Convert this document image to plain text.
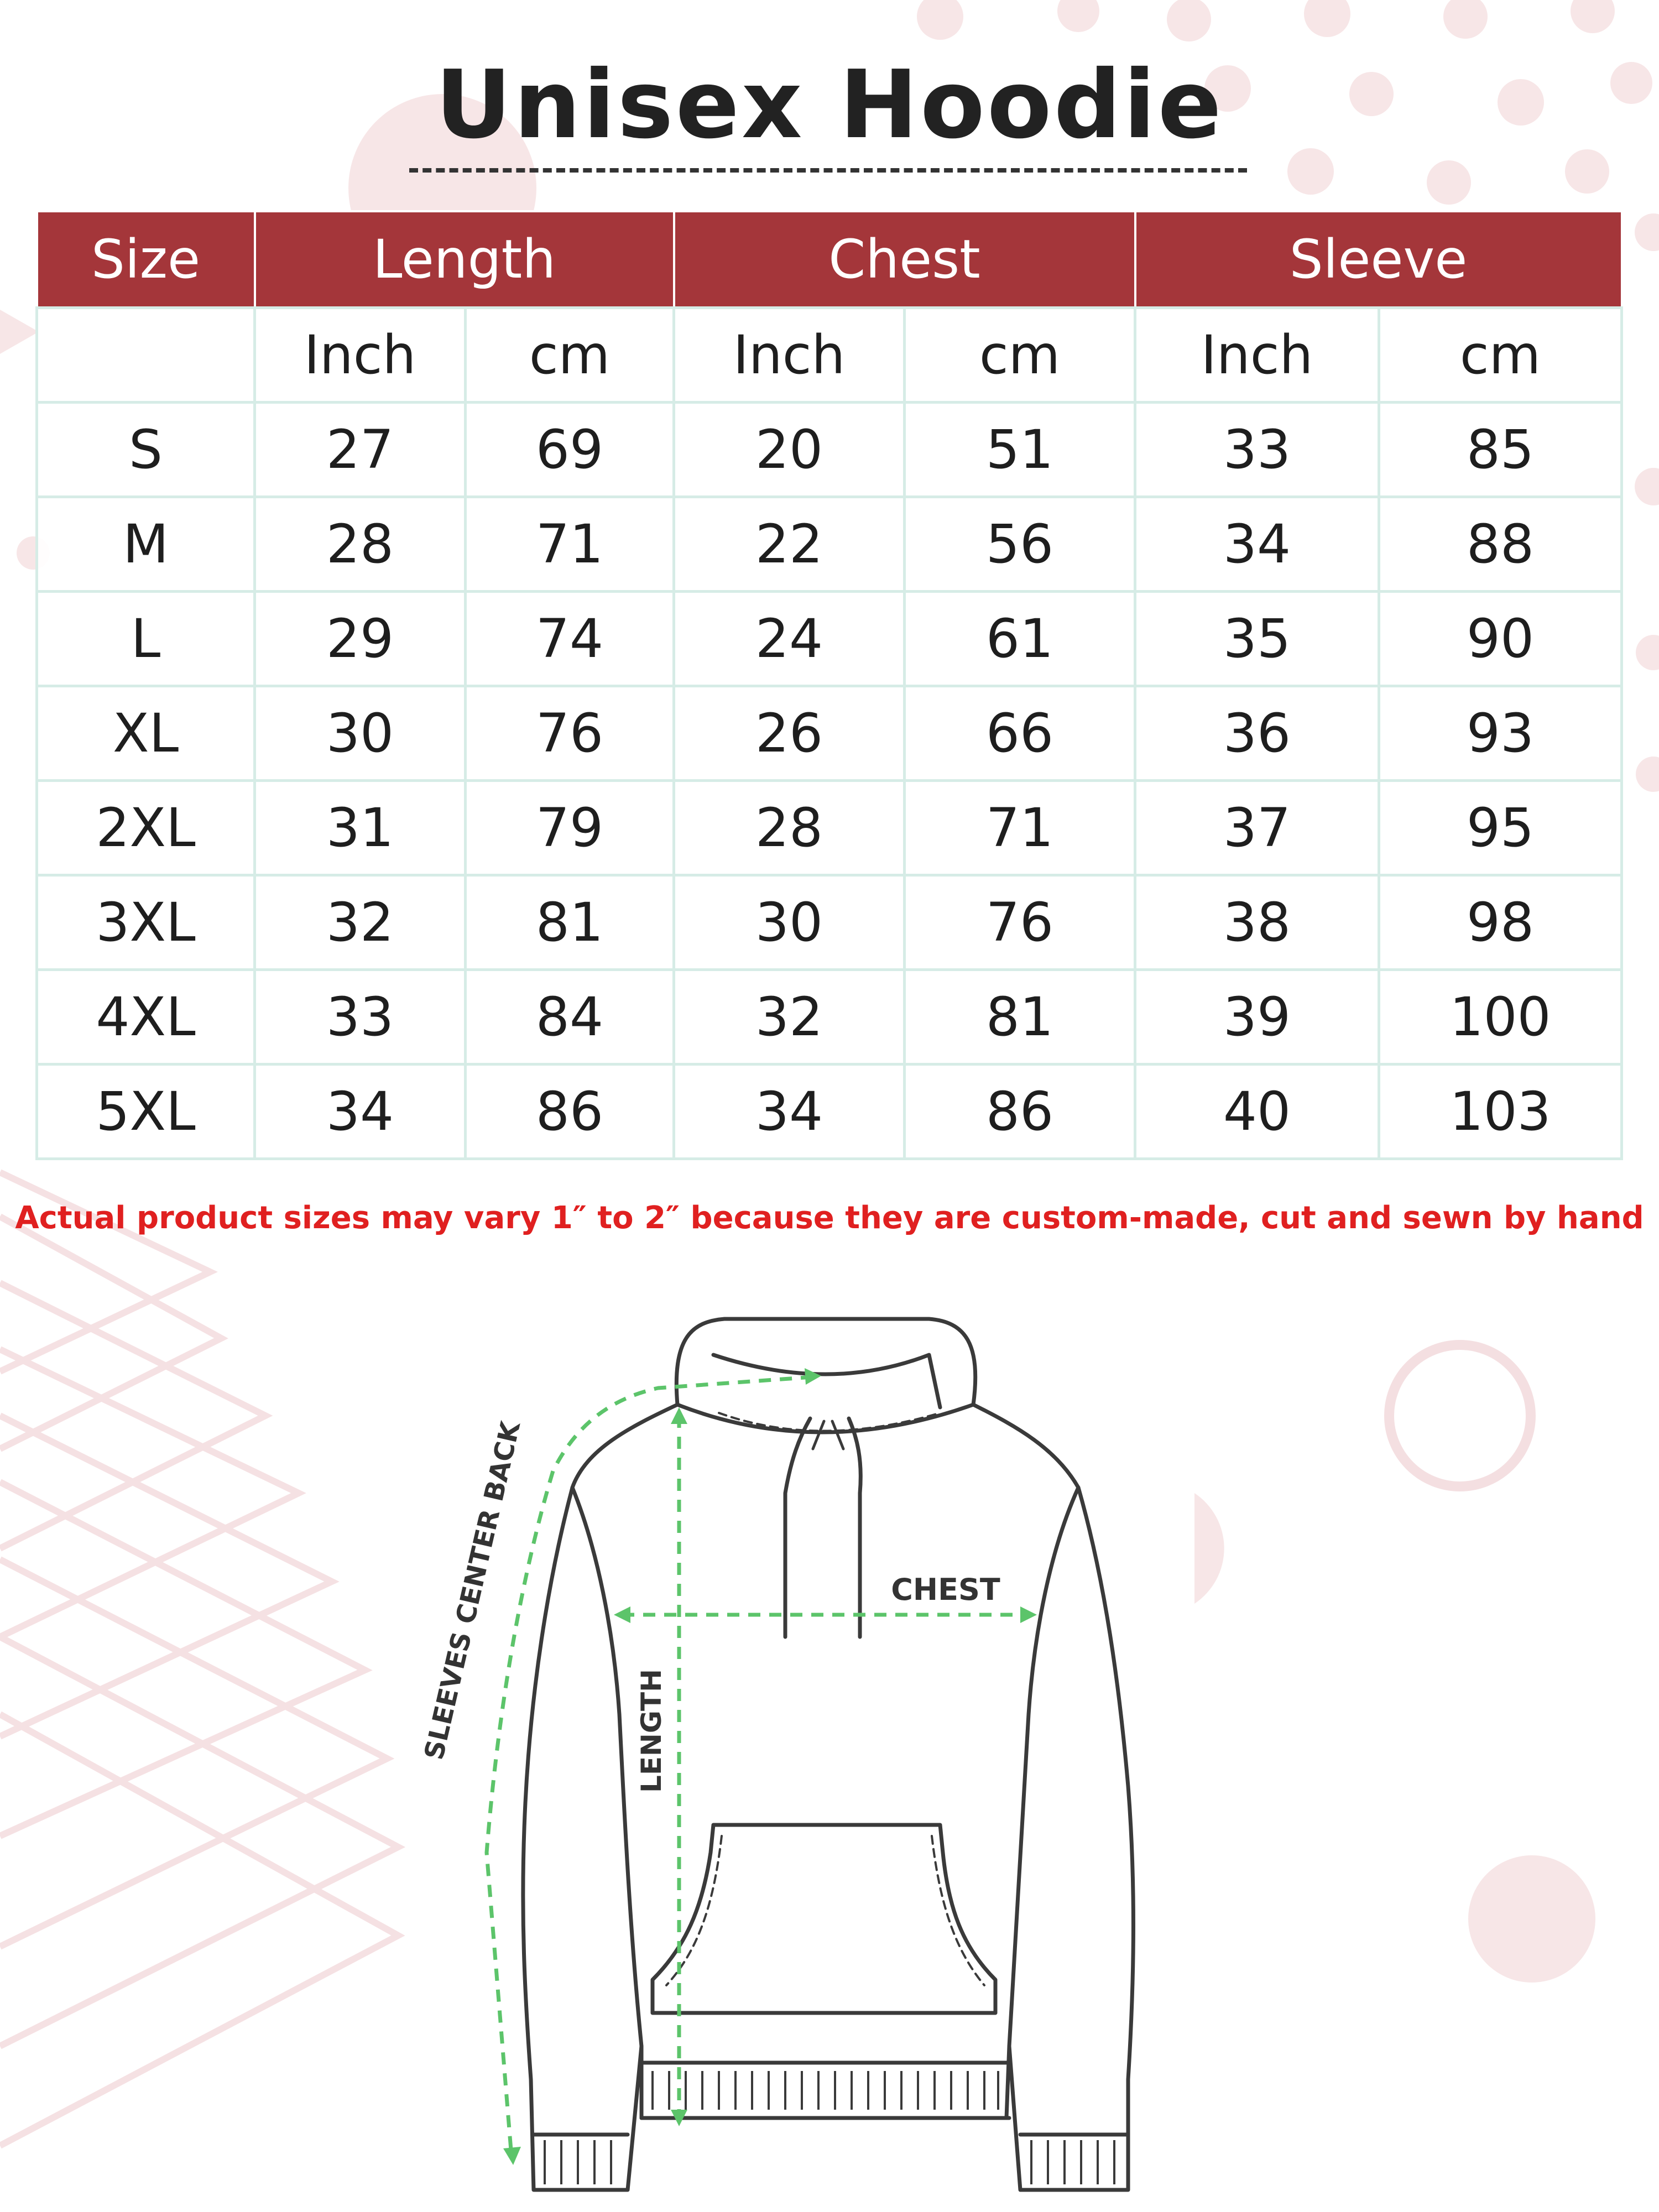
Unisex Hoodie
Size	Length		Chest		Sleeve	
	Inch	cm	Inch	cm	Inch	cm
S	27	69	20	51	33	85
M	28	71	22	56	34	88
L	29	74	24	61	35	90
XL	30	76	26	66	36	93
2XL	31	79	28	71	37	95
3XL	32	81	30	76	38	98
4XL	33	84	32	81	39	100
5XL	34	86	34	86	40	103
Actual product sizes may vary 1″ to 2″ because they are custom-made, cut and sewn by hand
CHEST
LENGTH
SLEEVES CENTER BACK
